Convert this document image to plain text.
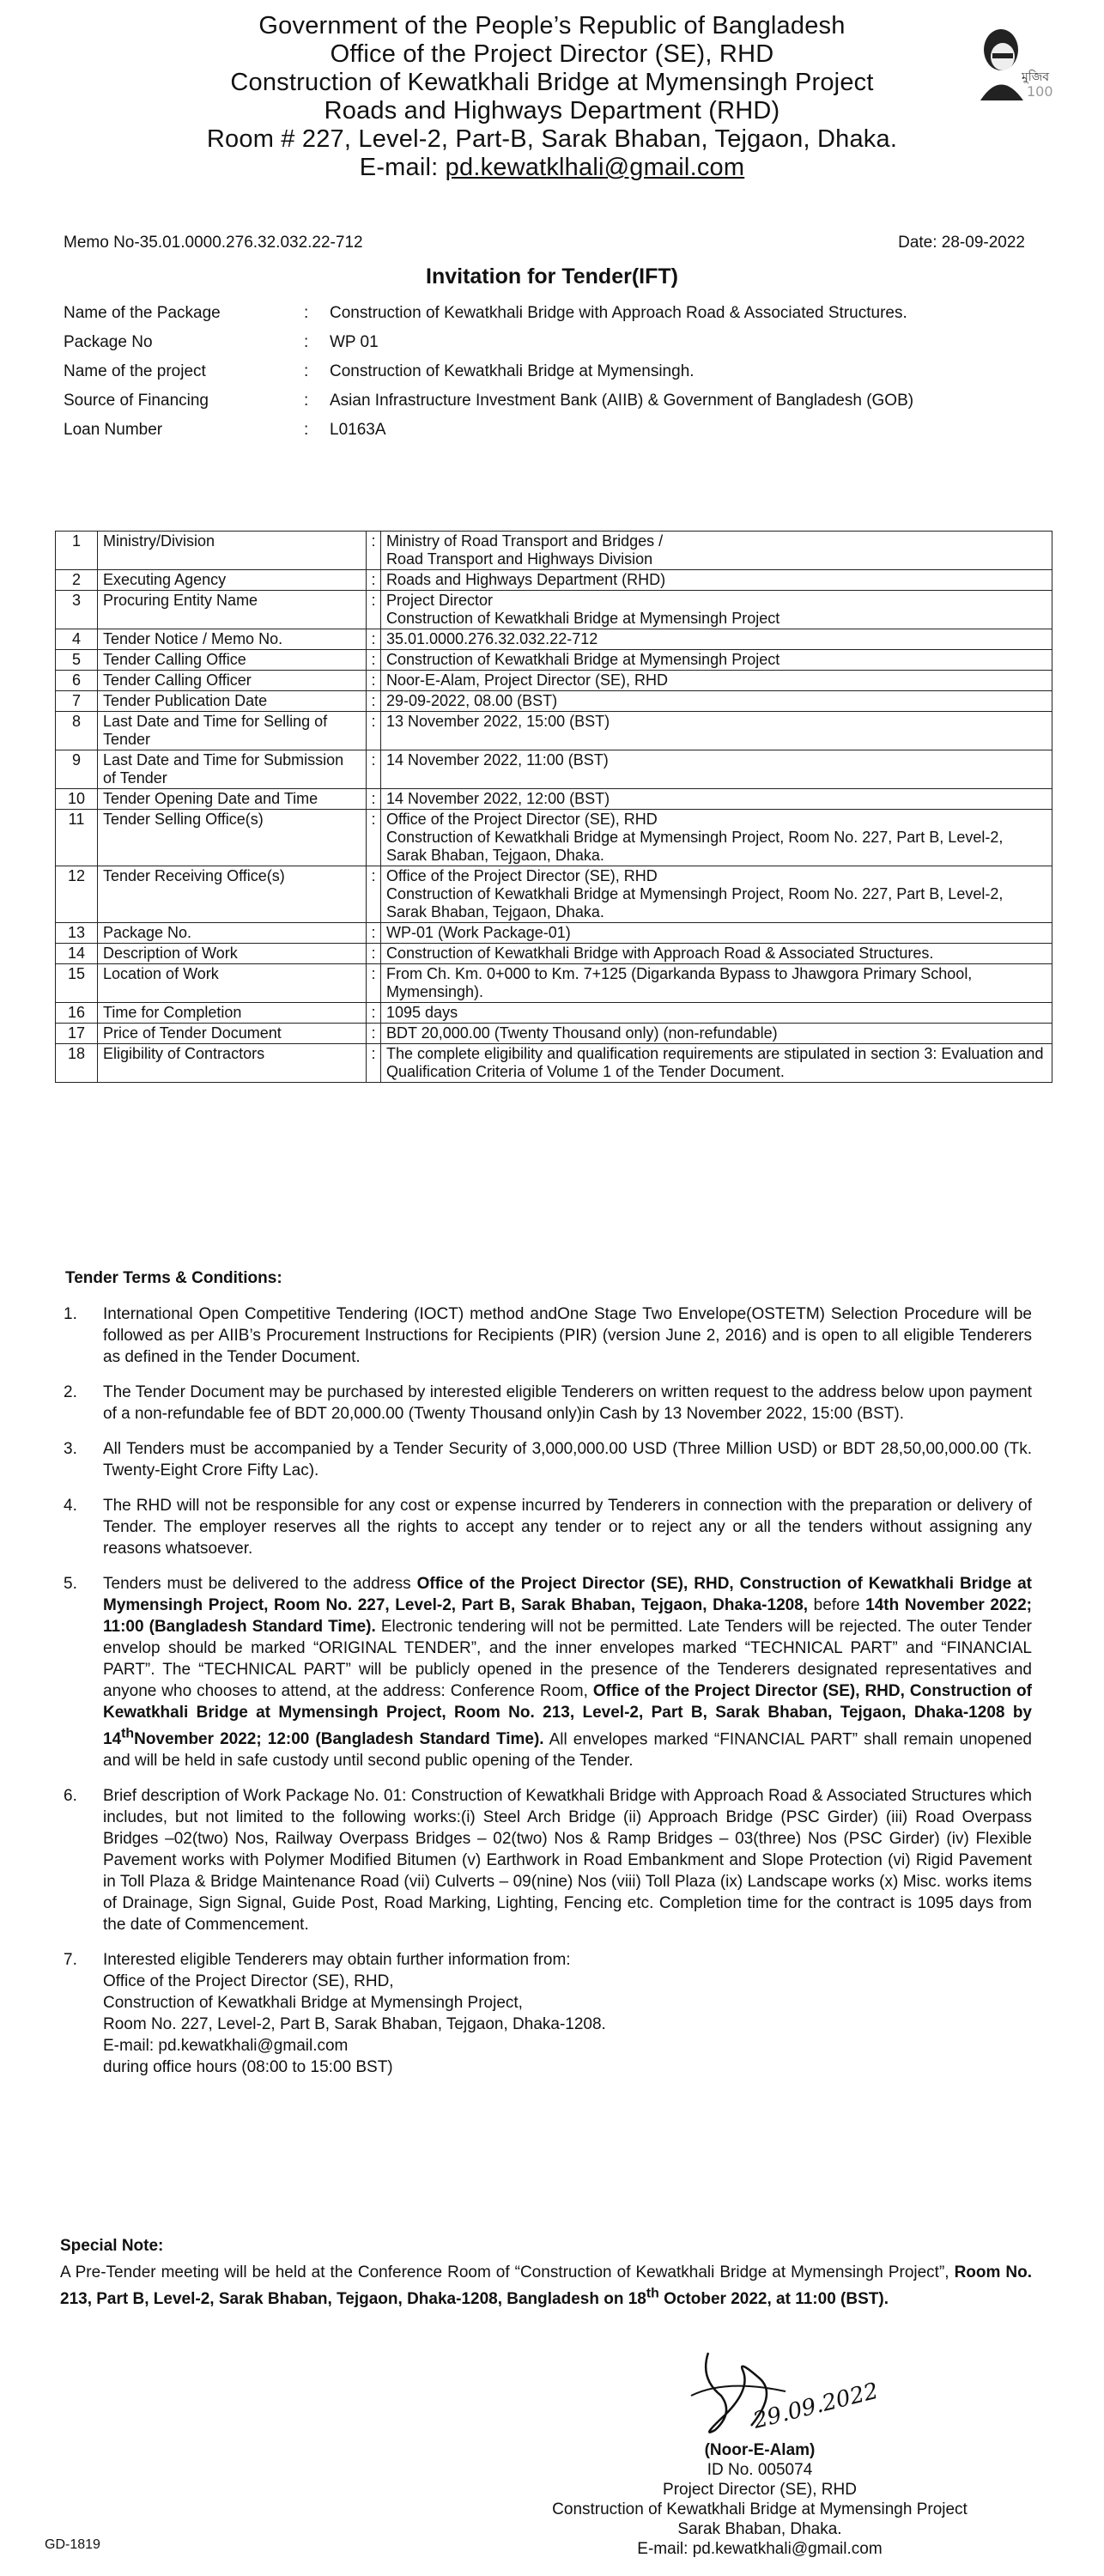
Government of the People’s Republic of Bangladesh
Office of the Project Director (SE), RHD
Construction of Kewatkhali Bridge at Mymensingh Project
Roads and Highways Department (RHD)
Room # 227, Level-2, Part-B, Sarak Bhaban, Tejgaon, Dhaka.
E-mail: pd.kewatklhali@gmail.com
মুজিব
100
Memo No-35.01.0000.276.32.032.22-712	Date: 28-09-2022
Invitation for Tender(IFT)
Name of the Package	:	Construction of Kewatkhali Bridge with Approach Road & Associated Structures.
Package No	:	WP 01
Name of the project	:	Construction of Kewatkhali Bridge at Mymensingh.
Source of Financing	:	Asian Infrastructure Investment Bank (AIIB) & Government of Bangladesh (GOB)
Loan Number	:	L0163A
1	Ministry/Division	:	Ministry of Road Transport and Bridges /
Road Transport and Highways Division

2	Executing Agency	:	Roads and Highways Department (RHD)

3	Procuring Entity Name	:	Project Director
Construction of Kewatkhali Bridge at Mymensingh Project

4	Tender Notice / Memo No.	:	35.01.0000.276.32.032.22-712

5	Tender Calling Office	:	Construction of Kewatkhali Bridge at Mymensingh Project

6	Tender Calling Officer	:	Noor-E-Alam, Project Director (SE), RHD

7	Tender Publication Date	:	29-09-2022, 08.00 (BST)

8	Last Date and Time for Selling of Tender	:	13 November 2022, 15:00 (BST)

9	Last Date and Time for Submission of Tender	:	14 November 2022, 11:00 (BST)

10	Tender Opening Date and Time	:	14 November 2022, 12:00 (BST)

11	Tender Selling Office(s)	:	Office of the Project Director (SE), RHD
Construction of Kewatkhali Bridge at Mymensingh Project, Room No. 227, Part B, Level-2, Sarak Bhaban, Tejgaon, Dhaka.

12	Tender Receiving Office(s)	:	Office of the Project Director (SE), RHD
Construction of Kewatkhali Bridge at Mymensingh Project, Room No. 227, Part B, Level-2, Sarak Bhaban, Tejgaon, Dhaka.

13	Package No.	:	WP-01 (Work Package-01)

14	Description of Work	:	Construction of Kewatkhali Bridge with Approach Road & Associated Structures.

15	Location of Work	:	From Ch. Km. 0+000 to Km. 7+125 (Digarkanda Bypass to Jhawgora Primary School, Mymensingh).

16	Time for Completion	:	1095 days

17	Price of Tender Document	:	BDT 20,000.00 (Twenty Thousand only) (non-refundable)

18	Eligibility of Contractors	:	The complete eligibility and qualification requirements are stipulated in section 3: Evaluation and Qualification Criteria of Volume 1 of the Tender Document.
Tender Terms & Conditions:
1.	International Open Competitive Tendering (IOCT) method andOne Stage Two Envelope(OSTETM) Selection Procedure will be followed as per AIIB’s Procurement Instructions for Recipients (PIR) (version June 2, 2016) and is open to all eligible Tenderers as defined in the Tender Document.
2.	The Tender Document may be purchased by interested eligible Tenderers on written request to the address below upon payment of a non-refundable fee of BDT 20,000.00 (Twenty Thousand only)in Cash by 13 November 2022, 15:00 (BST).
3.	All Tenders must be accompanied by a Tender Security of 3,000,000.00 USD (Three Million USD) or BDT 28,50,00,000.00 (Tk. Twenty-Eight Crore Fifty Lac).
4.	The RHD will not be responsible for any cost or expense incurred by Tenderers in connection with the preparation or delivery of Tender. The employer reserves all the rights to accept any tender or to reject any or all the tenders without assigning any reasons whatsoever.
5.	Tenders must be delivered to the address Office of the Project Director (SE), RHD, Construction of Kewatkhali Bridge at Mymensingh Project, Room No. 227, Level-2, Part B, Sarak Bhaban, Tejgaon, Dhaka-1208, before 14th November 2022; 11:00 (Bangladesh Standard Time). Electronic tendering will not be permitted. Late Tenders will be rejected. The outer Tender envelop should be marked “ORIGINAL TENDER”, and the inner envelopes marked “TECHNICAL PART” and “FINANCIAL PART”. The “TECHNICAL PART” will be publicly opened in the presence of the Tenderers designated representatives and anyone who chooses to attend, at the address: Conference Room, Office of the Project Director (SE), RHD, Construction of Kewatkhali Bridge at Mymensingh Project, Room No. 213, Level-2, Part B, Sarak Bhaban, Tejgaon, Dhaka-1208 by 14thNovember 2022; 12:00 (Bangladesh Standard Time). All envelopes marked “FINANCIAL PART” shall remain unopened and will be held in safe custody until second public opening of the Tender.
6.	Brief description of Work Package No. 01: Construction of Kewatkhali Bridge with Approach Road & Associated Structures which includes, but not limited to the following works:(i) Steel Arch Bridge (ii) Approach Bridge (PSC Girder) (iii) Road Overpass Bridges –02(two) Nos, Railway Overpass Bridges – 02(two) Nos & Ramp Bridges – 03(three) Nos (PSC Girder) (iv) Flexible Pavement works with Polymer Modified Bitumen (v) Earthwork in Road Embankment and Slope Protection (vi) Rigid Pavement in Toll Plaza & Bridge Maintenance Road (vii) Culverts – 09(nine) Nos (viii) Toll Plaza (ix) Landscape works (x) Misc. works items of Drainage, Sign Signal, Guide Post, Road Marking, Lighting, Fencing etc. Completion time for the contract is 1095 days from the date of Commencement.
7.	Interested eligible Tenderers may obtain further information from:
Office of the Project Director (SE), RHD,
Construction of Kewatkhali Bridge at Mymensingh Project,
Room No. 227, Level-2, Part B, Sarak Bhaban, Tejgaon, Dhaka-1208.
E-mail: pd.kewatkhali@gmail.com
during office hours (08:00 to 15:00 BST)
Special Note:
A Pre-Tender meeting will be held at the Conference Room of “Construction of Kewatkhali Bridge at Mymensingh Project”, Room No. 213, Part B, Level-2, Sarak Bhaban, Tejgaon, Dhaka-1208, Bangladesh on 18th October 2022, at 11:00 (BST).
29.09.2022
(Noor-E-Alam)
ID No. 005074
Project Director (SE), RHD
Construction of Kewatkhali Bridge at Mymensingh Project
Sarak Bhaban, Dhaka.
E-mail: pd.kewatkhali@gmail.com
GD-1819
